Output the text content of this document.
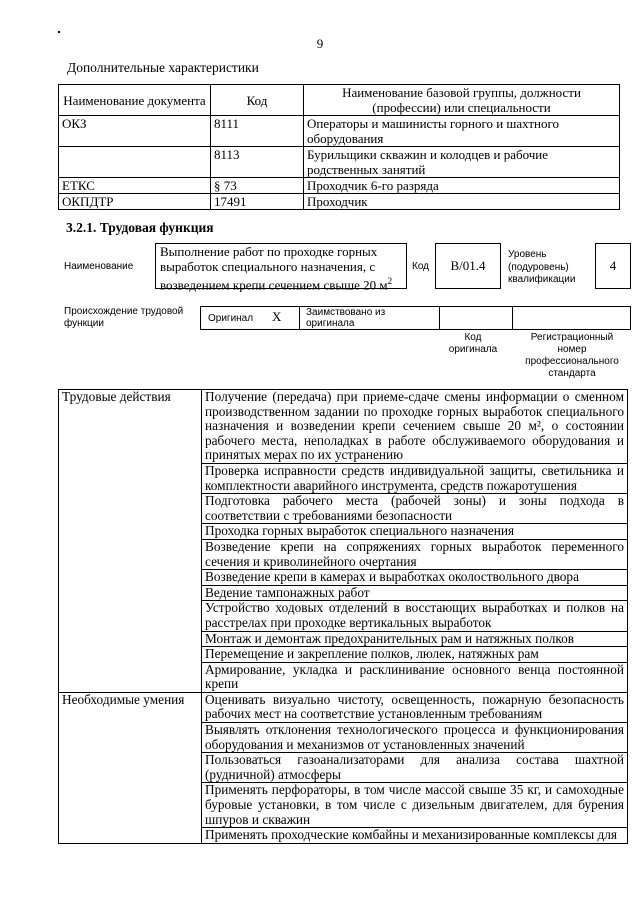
9
Дополнительные характеристики
Наименование документа	Код	Наименование базовой группы, должности (профессии) или специальности
ОКЗ	8111	Операторы и машинисты горного и шахтного оборудования
	8113	Бурильщики скважин и колодцев и рабочие родственных занятий
ЕТКС	§ 73	Проходчик 6-го разряда
ОКПДТР	17491	Проходчик
3.2.1. Трудовая функция
Наименование
Выполнение работ по проходке горных выработок специального назначения, с возведением крепи сечением свыше 20 $м^2$
Код	B/01.4
Уровень (подуровень) квалификации
4
Происхождение трудовой функции	Оригинал X Заимствовано из оригинала
Код оригинала
Регистрационный номер профессионального стандарта
Трудовые действия	Получение (передача) при приеме-сдаче смены информации о сменном производственном задании по проходке горных выработок специального назначения и возведении крепи сечением свыше 20 м², о состоянии рабочего места, неполадках в работе обслуживаемого оборудования и принятых мерах по их устранению

	Проверка исправности средств индивидуальной защиты, светильника и комплектности аварийного инструмента, средств пожаротушения
	Подготовка рабочего места (рабочей зоны) и зоны подхода в соответствии с требованиями безопасности
	Проходка горных выработок специального назначения
	Возведение крепи на сопряжениях горных выработок переменного сечения и криволинейного очертания
	Возведение крепи в камерах и выработках околоствольного двора
	Ведение тампонажных работ
	Устройство ходовых отделений в восстающих выработках и полков на расстрелах при проходке вертикальных выработок
	Монтаж и демонтаж предохранительных рам и натяжных полков
	Перемещение и закрепление полков, люлек, натяжных рам
	Армирование, укладка и расклинивание основного венца постоянной крепи
Необходимые умения	Оценивать визуально чистоту, освещенность, пожарную безопасность рабочих мест на соответствие установленным требованиям
	Выявлять отклонения технологического процесса и функционирования оборудования и механизмов от установленных значений
	Пользоваться газоанализаторами для анализа состава шахтной (рудничной) атмосферы
	Применять перфораторы, в том числе массой свыше 35 кг, и самоходные буровые установки, в том числе с дизельным двигателем, для бурения шпуров и скважин
	Применять проходческие комбайны и механизированные комплексы для
